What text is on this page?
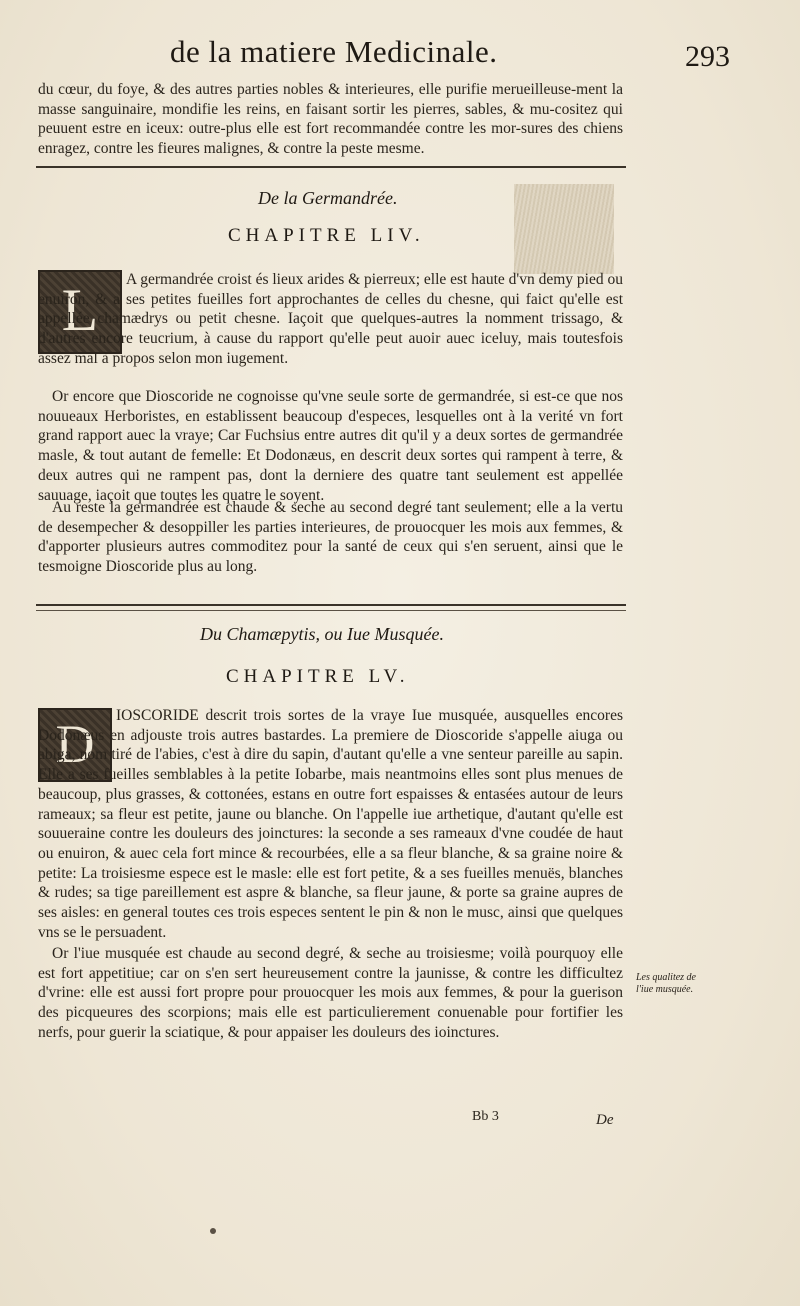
de la matiere Medicinale.	293

du cœur, du foye, & des autres parties nobles & interieures, elle purifie merueilleuse-ment la masse sanguinaire, mondifie les reins, en faisant sortir les pierres, sables, & mu-cositez qui peuuent estre en iceux: outre-plus elle est fort recommandée contre les mor-sures des chiens enragez, contre les fieures malignes, & contre la peste mesme.

De la Germandrée.
CHAPITRE LIV.
L	A germandrée croist és lieux arides & pierreux; elle est haute d'vn demy pied ou enuiron, & a ses petites fueilles fort approchantes de celles du chesne, qui faict qu'elle est appellée chamædrys ou petit chesne. Iaçoit que quelques-autres la nomment trissago, & d'autres encore teucrium, à cause du rapport qu'elle peut auoir auec iceluy, mais toutesfois assez mal à propos selon mon iugement.

Or encore que Dioscoride ne cognoisse qu'vne seule sorte de germandrée, si est-ce que nos nouueaux Herboristes, en establissent beaucoup d'especes, lesquelles ont à la verité vn fort grand rapport auec la vraye; Car Fuchsius entre autres dit qu'il y a deux sortes de germandrée masle, & tout autant de femelle: Et Dodonæus, en descrit deux sortes qui rampent à terre, & deux autres qui ne rampent pas, dont la derniere des quatre tant seulement est appellée sauuage, iaçoit que toutes les quatre le soyent.

Au reste la germandrée est chaude & seche au second degré tant seulement; elle a la vertu de desempecher & desoppiller les parties interieures, de prouocquer les mois aux femmes, & d'apporter plusieurs autres commoditez pour la santé de ceux qui s'en seruent, ainsi que le tesmoigne Dioscoride plus au long.

Du Chamæpytis, ou Iue Musquée.
CHAPITRE LV.
D	IOSCORIDE descrit trois sortes de la vraye Iue musquée, ausquelles encores Dodonæus en adjouste trois autres bastardes. La premiere de Dioscoride s'appelle aiuga ou abiga, nom tiré de l'abies, c'est à dire du sapin, d'autant qu'elle a vne senteur pareille au sapin. Elle a ses fueilles semblables à la petite Iobarbe, mais neantmoins elles sont plus menues de beaucoup, plus grasses, & cottonées, estans en outre fort espaisses & entasées autour de leurs rameaux; sa fleur est petite, jaune ou blanche. On l'appelle iue arthetique, d'autant qu'elle est souueraine contre les douleurs des joinctures: la seconde a ses rameaux d'vne coudée de haut ou enuiron, & auec cela fort mince & recourbées, elle a sa fleur blanche, & sa graine noire & petite: La troisiesme espece est le masle: elle est fort petite, & a ses fueilles menuës, blanches & rudes; sa tige pareillement est aspre & blanche, sa fleur jaune, & porte sa graine aupres de ses aisles: en general toutes ces trois especes sentent le pin & non le musc, ainsi que quelques vns se le persuadent.

Or l'iue musquée est chaude au second degré, & seche au troisiesme; voilà pourquoy elle est fort appetitiue; car on s'en sert heureusement contre la jaunisse, & contre les difficultez d'vrine: elle est aussi fort propre pour prouocquer les mois aux femmes, & pour la guerison des picqueures des scorpions; mais elle est particulierement conuenable pour fortifier les nerfs, pour guerir la sciatique, & pour appaiser les douleurs des ioinctures.

Les qualitez de l'iue musquée.
Bb 3	De
